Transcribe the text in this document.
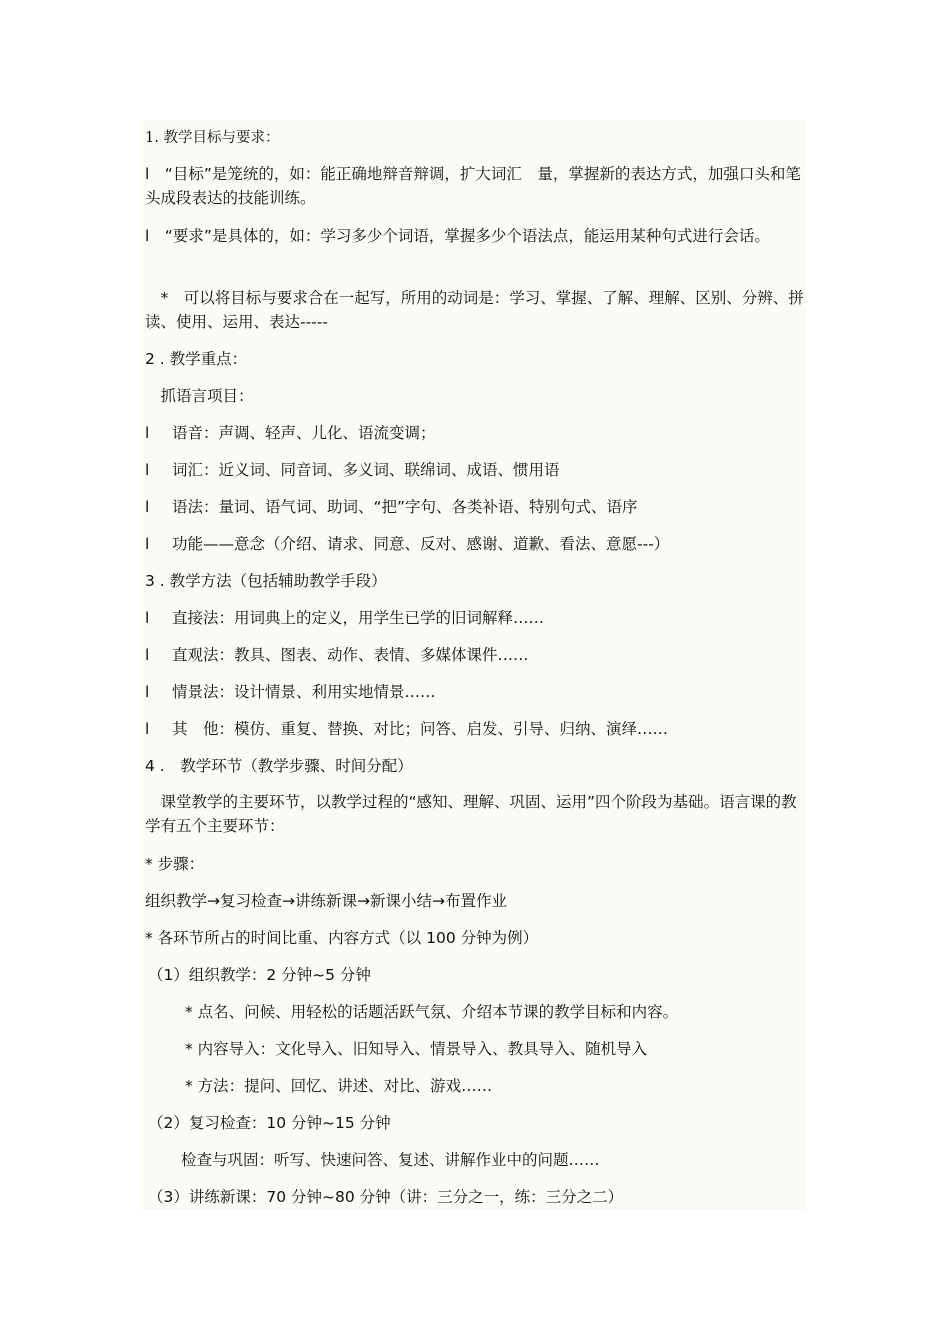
1. 教学目标与要求：
l　“目标”是笼统的，如：能正确地辩音辩调，扩大词汇　量，掌握新的表达方式，加强口头和笔头成段表达的技能训练。
l　“要求”是具体的，如：学习多少个词语，掌握多少个语法点，能运用某种句式进行会话。
　*　可以将目标与要求合在一起写，所用的动词是：学习、掌握、了解、理解、区别、分辨、拼读、使用、运用、表达-----
2 . 教学重点：
　抓语言项目：
l 语音：声调、轻声、儿化、语流变调；
l 词汇：近义词、同音词、多义词、联绵词、成语、惯用语
l 语法：量词、语气词、助词、“把”字句、各类补语、特别句式、语序
l 功能——意念（介绍、请求、同意、反对、感谢、道歉、看法、意愿---）
3 . 教学方法（包括辅助教学手段）
l 直接法：用词典上的定义，用学生已学的旧词解释……
l 直观法：教具、图表、动作、表情、多媒体课件……
l 情景法：设计情景、利用实地情景……
l 其　他：模仿、重复、替换、对比；问答、启发、引导、归纳、演绎……
4 .　教学环节（教学步骤、时间分配）
　课堂教学的主要环节，以教学过程的“感知、理解、巩固、运用”四个阶段为基础。语言课的教学有五个主要环节：
* 步骤：
组织教学→复习检查→讲练新课→新课小结→布置作业
* 各环节所占的时间比重、内容方式（以 100 分钟为例）
（1）组织教学：2 分钟~5 分钟
* 点名、问候、用轻松的话题活跃气氛、介绍本节课的教学目标和内容。
* 内容导入：文化导入、旧知导入、情景导入、教具导入、随机导入
* 方法：提问、回忆、讲述、对比、游戏……
（2）复习检查：10 分钟~15 分钟
检查与巩固：听写、快速问答、复述、讲解作业中的问题……
（3）讲练新课：70 分钟~80 分钟（讲：三分之一，练：三分之二）
